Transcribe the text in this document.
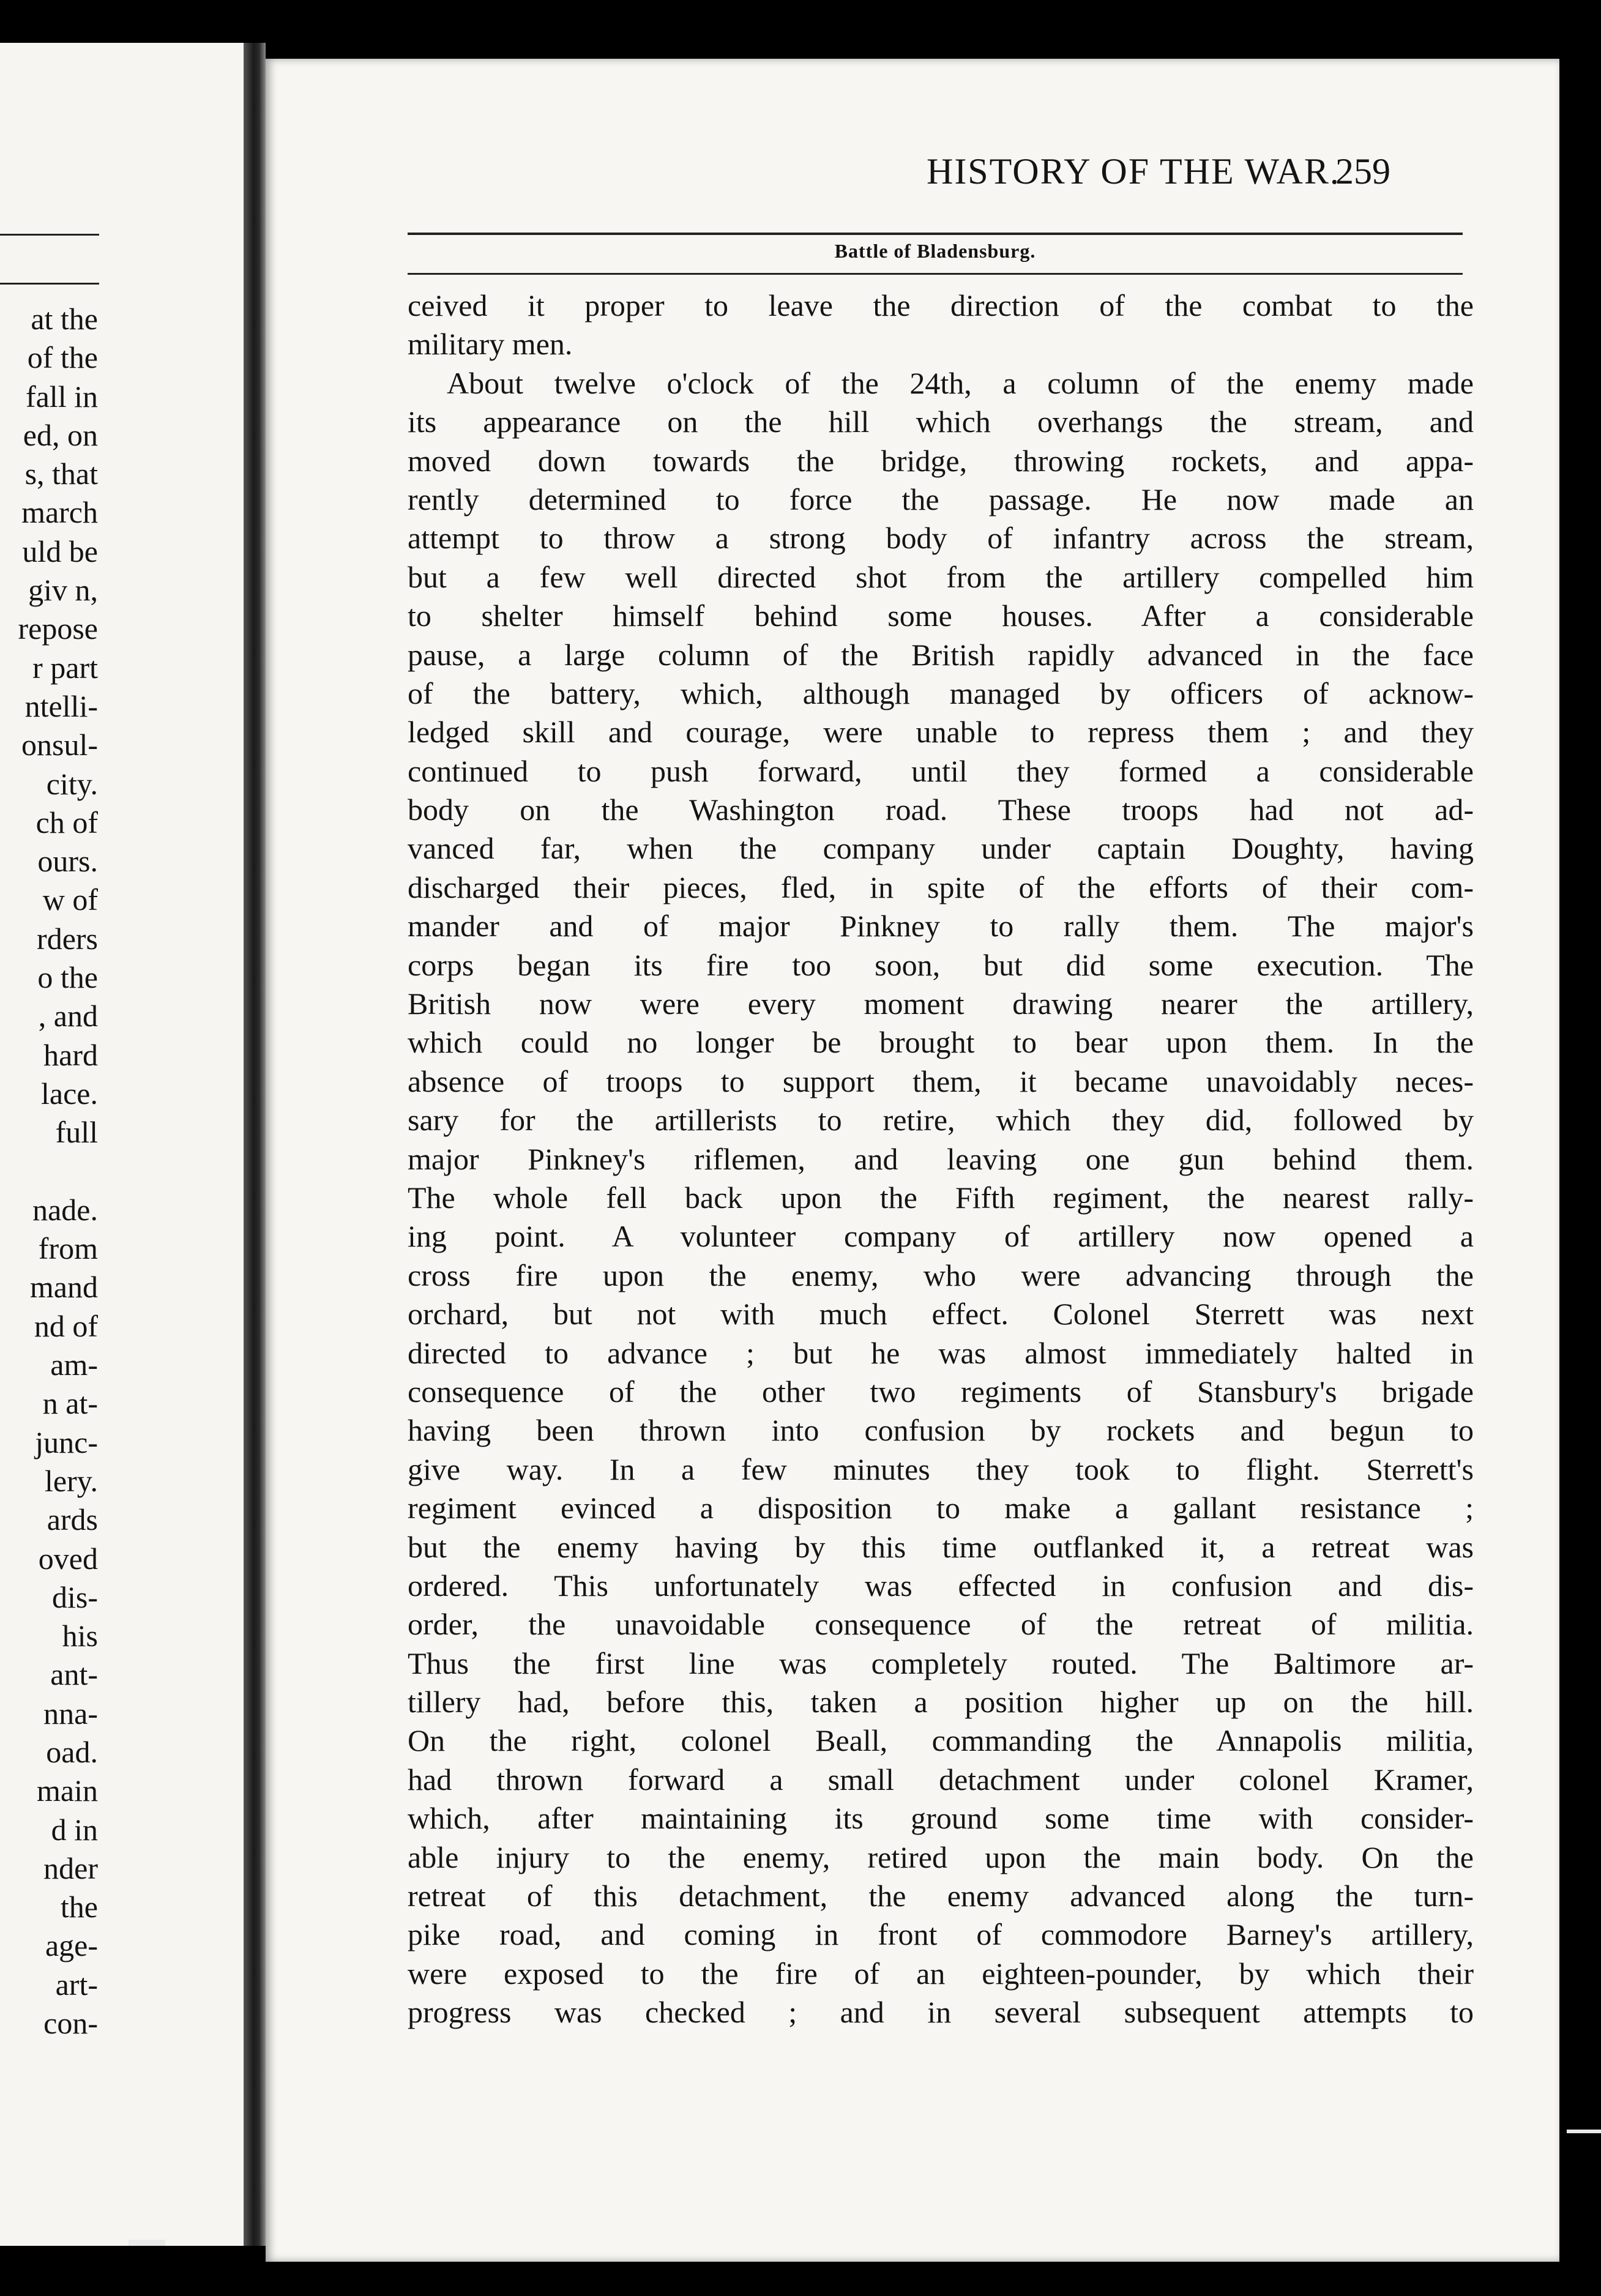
at the
of the
fall in
ed, on
s, that
march
uld be
giv n,
repose
r part
ntelli-
onsul-
city.
ch of
ours.
w of
rders
o the
, and
hard
lace.
full
nade.
from
mand
nd of
am-
n at-
junc-
lery.
ards
oved
dis-
his
ant-
nna-
oad.
main
d in
nder
the
age-
art-
con-
HISTORY OF THE WAR.
259
Battle of Bladensburg.
ceived it proper to leave the direction of the combat to the
military men.
About twelve o'clock of the 24th, a column of the enemy made
its appearance on the hill which overhangs the stream, and
moved down towards the bridge, throwing rockets, and appa-
rently determined to force the passage. He now made an
attempt to throw a strong body of infantry across the stream,
but a few well directed shot from the artillery compelled him
to shelter himself behind some houses. After a considerable
pause, a large column of the British rapidly advanced in the face
of the battery, which, although managed by officers of acknow-
ledged skill and courage, were unable to repress them ; and they
continued to push forward, until they formed a considerable
body on the Washington road. These troops had not ad-
vanced far, when the company under captain Doughty, having
discharged their pieces, fled, in spite of the efforts of their com-
mander and of major Pinkney to rally them. The major's
corps began its fire too soon, but did some execution. The
British now were every moment drawing nearer the artillery,
which could no longer be brought to bear upon them. In the
absence of troops to support them, it became unavoidably neces-
sary for the artillerists to retire, which they did, followed by
major Pinkney's riflemen, and leaving one gun behind them.
The whole fell back upon the Fifth regiment, the nearest rally-
ing point. A volunteer company of artillery now opened a
cross fire upon the enemy, who were advancing through the
orchard, but not with much effect. Colonel Sterrett was next
directed to advance ; but he was almost immediately halted in
consequence of the other two regiments of Stansbury's brigade
having been thrown into confusion by rockets and begun to
give way. In a few minutes they took to flight. Sterrett's
regiment evinced a disposition to make a gallant resistance ;
but the enemy having by this time outflanked it, a retreat was
ordered. This unfortunately was effected in confusion and dis-
order, the unavoidable consequence of the retreat of militia.
Thus the first line was completely routed. The Baltimore ar-
tillery had, before this, taken a position higher up on the hill.
On the right, colonel Beall, commanding the Annapolis militia,
had thrown forward a small detachment under colonel Kramer,
which, after maintaining its ground some time with consider-
able injury to the enemy, retired upon the main body. On the
retreat of this detachment, the enemy advanced along the turn-
pike road, and coming in front of commodore Barney's artillery,
were exposed to the fire of an eighteen-pounder, by which their
progress was checked ; and in several subsequent attempts to
